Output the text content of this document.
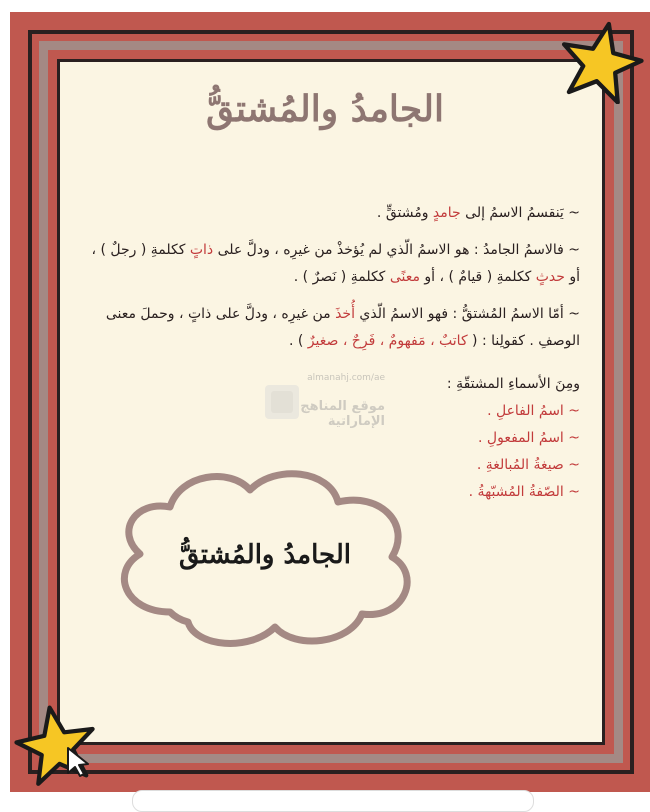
الجامدُ والمُشتقُّ
~ يَنقسمُ الاسمُ إلى جامدٍ ومُشتقٍّ .
~ فالاسمُ الجامدُ : هو الاسمُ الّذي لم يُؤخذْ من غيرِه ، ودلَّ على ذاتٍ ككلمةِ ( رجلٌ ) ، أو حدثٍ ككلمةِ ( قيامٌ ) ، أو معنًى ككلمةِ ( نَصرٌ ) .
~ أمّا الاسمُ المُشتقُّ : فهو الاسمُ الّذي أُخذَ من غيرِه ، ودلَّ على ذاتٍ ، وحملَ معنى الوصفِ . كقولِنا : ( كاتبٌ ، مَفهومٌ ، فَرِحٌ ، صغيرٌ ) .
ومِنَ الأسماءِ المشتقّةِ :
~ اسمُ الفاعلِ .
~ اسمُ المفعولِ .
~ صيغةُ المُبالغةِ .
~ الصّفةُ المُشبّهةُ .
almanahj.com/ae
موقع المناهج الإماراتية
الجامدُ والمُشتقُّ
